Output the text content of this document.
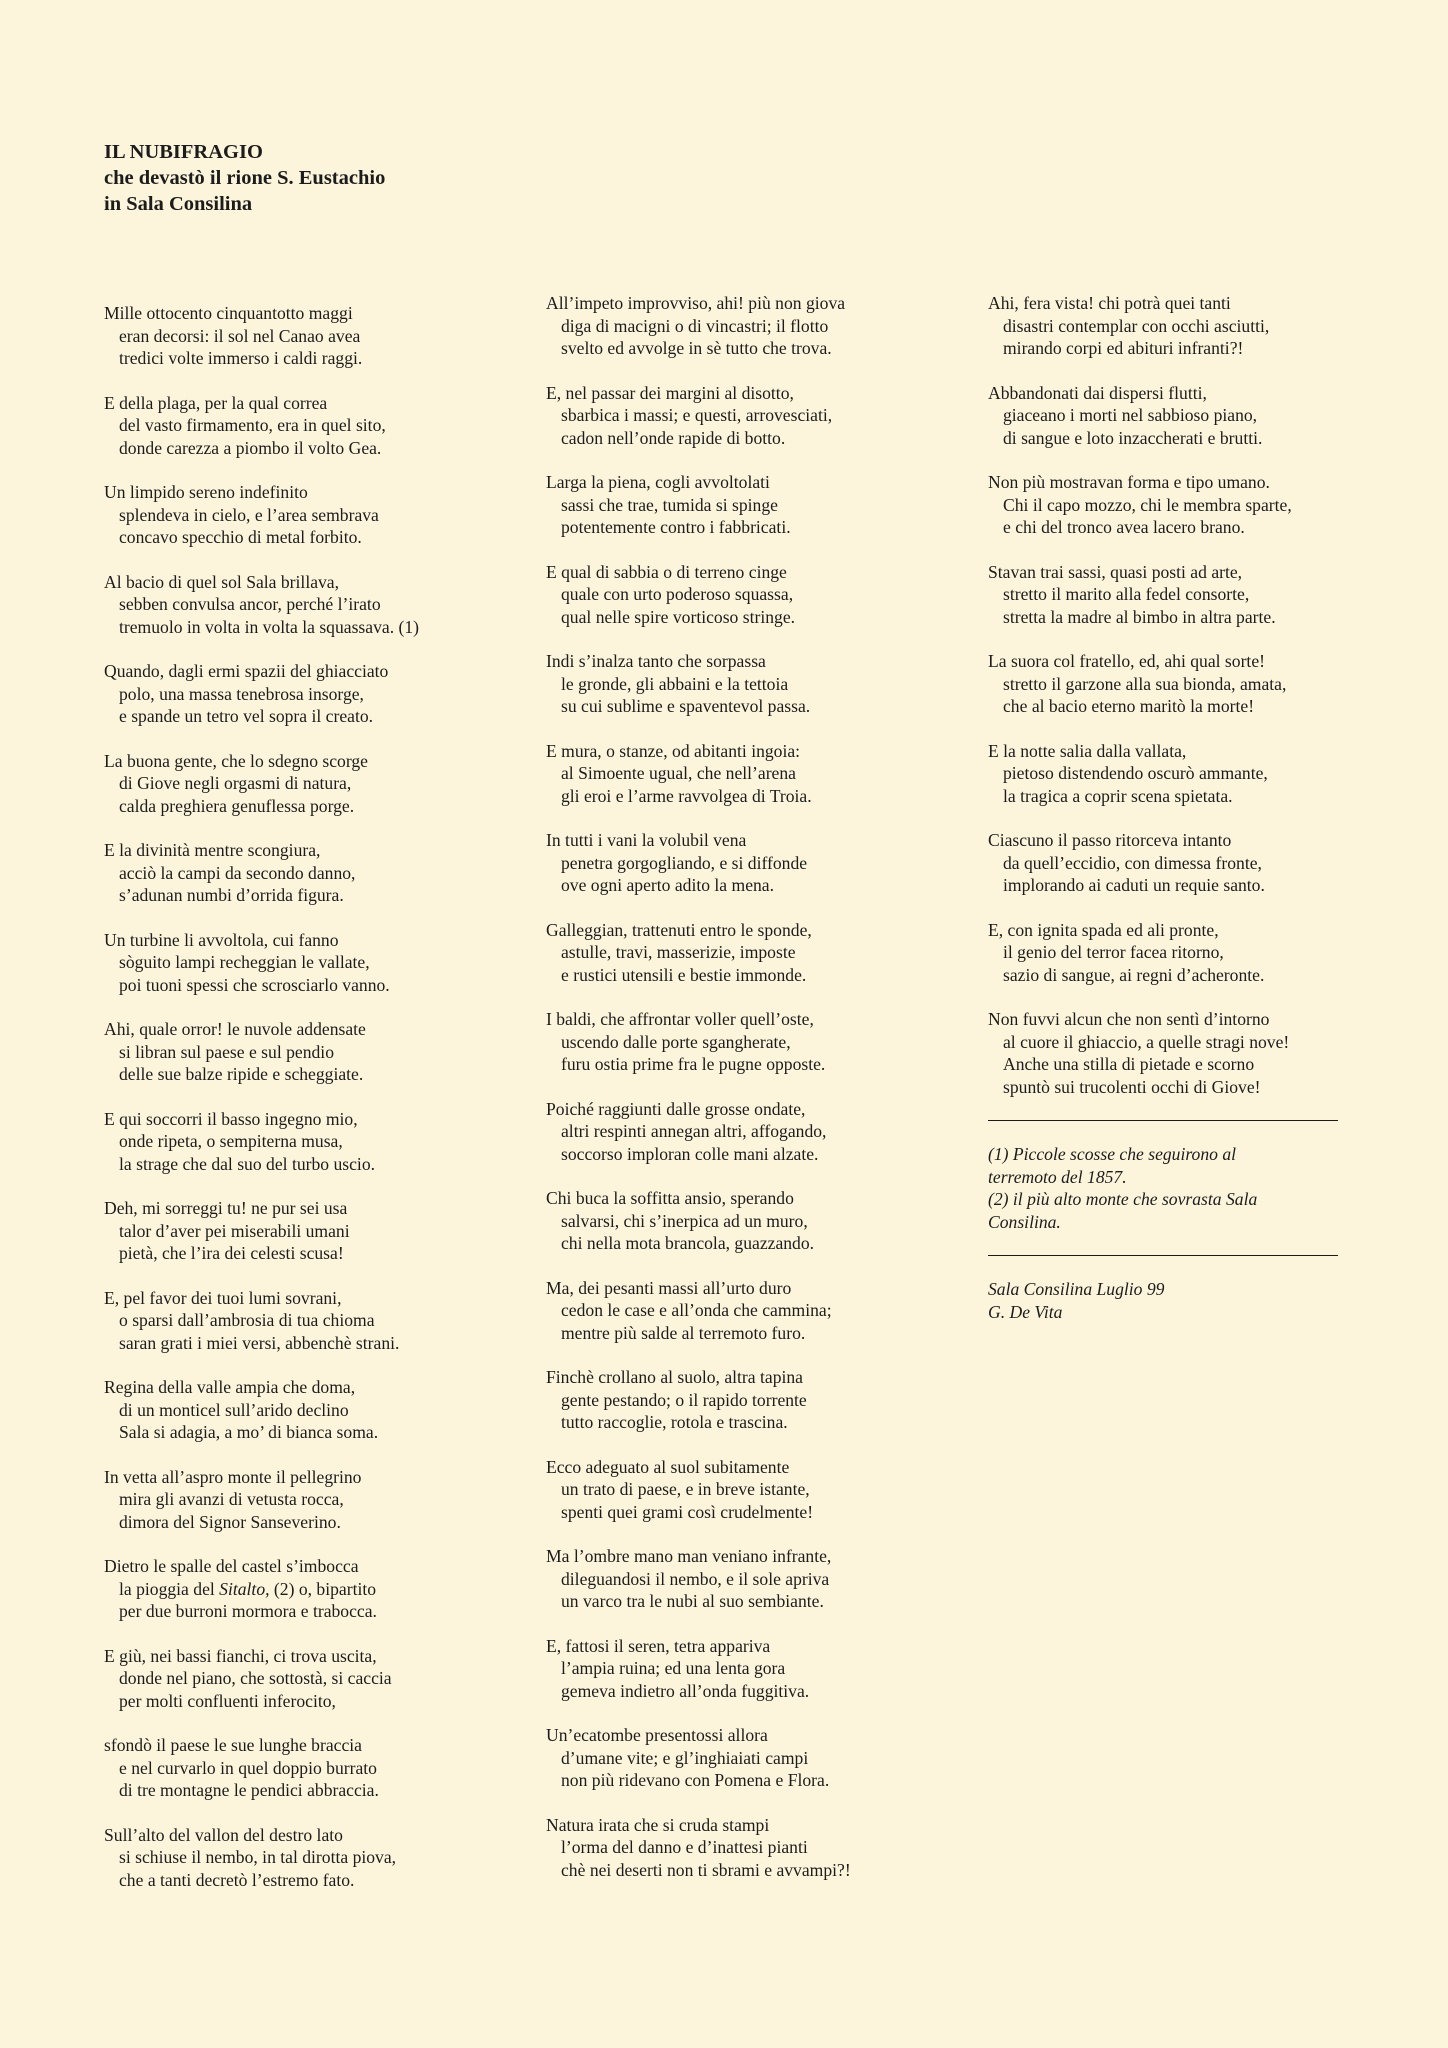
IL NUBIFRAGIO
che devastò il rione S. Eustachio
in Sala Consilina
Mille ottocento cinquantotto maggi
eran decorsi: il sol nel Canao avea
tredici volte immerso i caldi raggi.
E della plaga, per la qual correa
del vasto firmamento, era in quel sito,
donde carezza a piombo il volto Gea.
Un limpido sereno indefinito
splendeva in cielo, e l’area sembrava
concavo specchio di metal forbito.
Al bacio di quel sol Sala brillava,
sebben convulsa ancor, perché l’irato
tremuolo in volta in volta la squassava. (1)
Quando, dagli ermi spazii del ghiacciato
polo, una massa tenebrosa insorge,
e spande un tetro vel sopra il creato.
La buona gente, che lo sdegno scorge
di Giove negli orgasmi di natura,
calda preghiera genuflessa porge.
E la divinità mentre scongiura,
acciò la campi da secondo danno,
s’adunan numbi d’orrida figura.
Un turbine li avvoltola, cui fanno
sòguito lampi recheggian le vallate,
poi tuoni spessi che scrosciarlo vanno.
Ahi, quale orror! le nuvole addensate
si libran sul paese e sul pendio
delle sue balze ripide e scheggiate.
E qui soccorri il basso ingegno mio,
onde ripeta, o sempiterna musa,
la strage che dal suo del turbo uscio.
Deh, mi sorreggi tu! ne pur sei usa
talor d’aver pei miserabili umani
pietà, che l’ira dei celesti scusa!
E, pel favor dei tuoi lumi sovrani,
o sparsi dall’ambrosia di tua chioma
saran grati i miei versi, abbenchè strani.
Regina della valle ampia che doma,
di un monticel sull’arido declino
Sala si adagia, a mo’ di bianca soma.
In vetta all’aspro monte il pellegrino
mira gli avanzi di vetusta rocca,
dimora del Signor Sanseverino.
Dietro le spalle del castel s’imbocca
la pioggia del Sitalto, (2) o, bipartito
per due burroni mormora e trabocca.
E giù, nei bassi fianchi, ci trova uscita,
donde nel piano, che sottostà, si caccia
per molti confluenti inferocito,
sfondò il paese le sue lunghe braccia
e nel curvarlo in quel doppio burrato
di tre montagne le pendici abbraccia.
Sull’alto del vallon del destro lato
si schiuse il nembo, in tal dirotta piova,
che a tanti decretò l’estremo fato.
All’impeto improvviso, ahi! più non giova
diga di macigni o di vincastri; il flotto
svelto ed avvolge in sè tutto che trova.
E, nel passar dei margini al disotto,
sbarbica i massi; e questi, arrovesciati,
cadon nell’onde rapide di botto.
Larga la piena, cogli avvoltolati
sassi che trae, tumida si spinge
potentemente contro i fabbricati.
E qual di sabbia o di terreno cinge
quale con urto poderoso squassa,
qual nelle spire vorticoso stringe.
Indi s’inalza tanto che sorpassa
le gronde, gli abbaini e la tettoia
su cui sublime e spaventevol passa.
E mura, o stanze, od abitanti ingoia:
al Simoente ugual, che nell’arena
gli eroi e l’arme ravvolgea di Troia.
In tutti i vani la volubil vena
penetra gorgogliando, e si diffonde
ove ogni aperto adito la mena.
Galleggian, trattenuti entro le sponde,
astulle, travi, masserizie, imposte
e rustici utensili e bestie immonde.
I baldi, che affrontar voller quell’oste,
uscendo dalle porte sgangherate,
furu ostia prime fra le pugne opposte.
Poiché raggiunti dalle grosse ondate,
altri respinti annegan altri, affogando,
soccorso imploran colle mani alzate.
Chi buca la soffitta ansio, sperando
salvarsi, chi s’inerpica ad un muro,
chi nella mota brancola, guazzando.
Ma, dei pesanti massi all’urto duro
cedon le case e all’onda che cammina;
mentre più salde al terremoto furo.
Finchè crollano al suolo, altra tapina
gente pestando; o il rapido torrente
tutto raccoglie, rotola e trascina.
Ecco adeguato al suol subitamente
un trato di paese, e in breve istante,
spenti quei grami così crudelmente!
Ma l’ombre mano man veniano infrante,
dileguandosi il nembo, e il sole apriva
un varco tra le nubi al suo sembiante.
E, fattosi il seren, tetra appariva
l’ampia ruina; ed una lenta gora
gemeva indietro all’onda fuggitiva.
Un’ecatombe presentossi allora
d’umane vite; e gl’inghiaiati campi
non più ridevano con Pomena e Flora.
Natura irata che si cruda stampi
l’orma del danno e d’inattesi pianti
chè nei deserti non ti sbrami e avvampi?!
Ahi, fera vista! chi potrà quei tanti
disastri contemplar con occhi asciutti,
mirando corpi ed abituri infranti?!
Abbandonati dai dispersi flutti,
giaceano i morti nel sabbioso piano,
di sangue e loto inzaccherati e brutti.
Non più mostravan forma e tipo umano.
Chi il capo mozzo, chi le membra sparte,
e chi del tronco avea lacero brano.
Stavan trai sassi, quasi posti ad arte,
stretto il marito alla fedel consorte,
stretta la madre al bimbo in altra parte.
La suora col fratello, ed, ahi qual sorte!
stretto il garzone alla sua bionda, amata,
che al bacio eterno maritò la morte!
E la notte salia dalla vallata,
pietoso distendendo oscurò ammante,
la tragica a coprir scena spietata.
Ciascuno il passo ritorceva intanto
da quell’eccidio, con dimessa fronte,
implorando ai caduti un requie santo.
E, con ignita spada ed ali pronte,
il genio del terror facea ritorno,
sazio di sangue, ai regni d’acheronte.
Non fuvvi alcun che non sentì d’intorno
al cuore il ghiaccio, a quelle stragi nove!
Anche una stilla di pietade e scorno
spuntò sui trucolenti occhi di Giove!
(1) Piccole scosse che seguirono al
terremoto del 1857.
(2) il più alto monte che sovrasta Sala
Consilina.
Sala Consilina Luglio 99
G. De Vita
